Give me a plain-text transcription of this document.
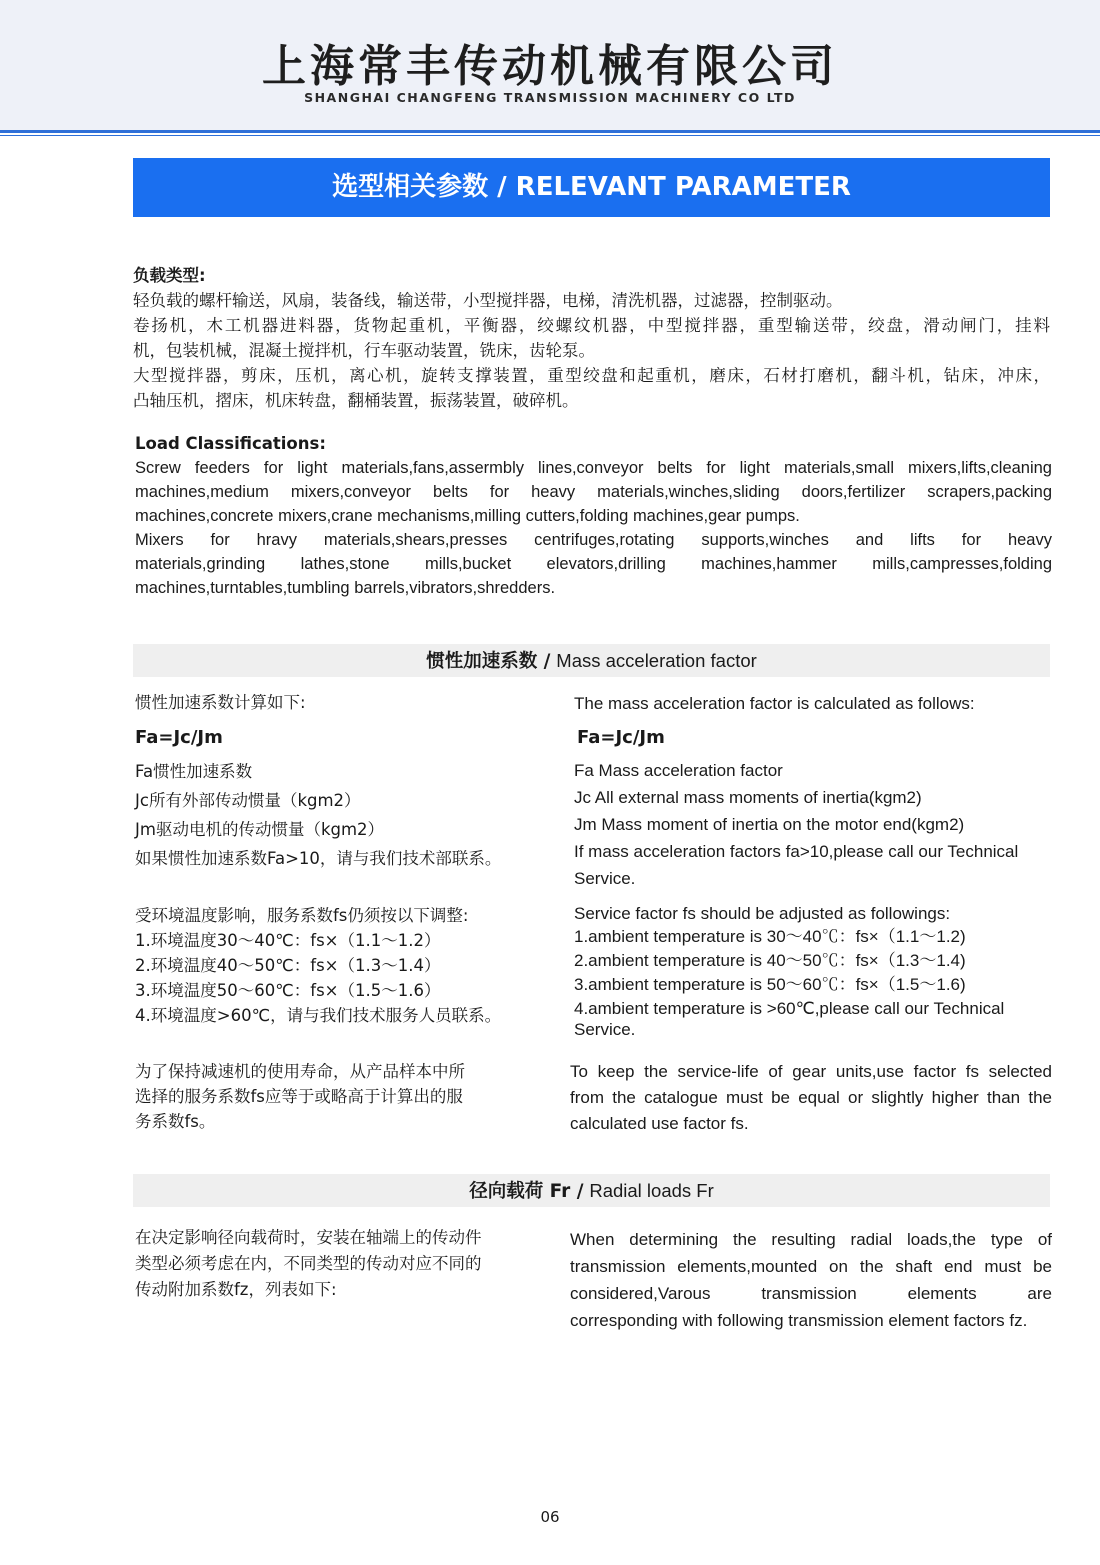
上海常丰传动机械有限公司
SHANGHAI CHANGFENG TRANSMISSION MACHINERY CO LTD
选型相关参数 / RELEVANT PARAMETER

负载类型:

轻负载的螺杆输送，风扇，装备线，输送带，小型搅拌器，电梯，清洗机器，过滤器，控制驱动。

卷扬机，木工机器进料器，货物起重机，平衡器，绞螺纹机器，中型搅拌器，重型输送带，绞盘，滑动闸门，挂料

机，包装机械，混凝土搅拌机，行车驱动装置，铣床，齿轮泵。

大型搅拌器，剪床，压机，离心机，旋转支撑装置，重型绞盘和起重机，磨床，石材打磨机，翻斗机，钻床，冲床，

凸轴压机，摺床，机床转盘，翻桶装置，振荡装置，破碎机。

Load Classifications:

Screw feeders for light materials,fans,assermbly lines,conveyor belts for light materials,small mixers,lifts,cleaning

machines,medium mixers,conveyor belts for heavy materials,winches,sliding doors,fertilizer scrapers,packing

machines,concrete mixers,crane mechanisms,milling cutters,folding machines,gear pumps.

Mixers for hravy materials,shears,presses centrifuges,rotating supports,winches and lifts for heavy

materials,grinding lathes,stone mills,bucket elevators,drilling machines,hammer mills,campresses,folding

machines,turntables,tumbling barrels,vibrators,shredders.

惯性加速系数 / Mass acceleration factor

惯性加速系数计算如下:

Fa=Jc/Jm

Fa惯性加速系数

Jc所有外部传动惯量（kgm2）

Jm驱动电机的传动惯量（kgm2）

如果惯性加速系数Fa>10，请与我们技术部联系。

The mass acceleration factor is calculated as follows:

Fa=Jc/Jm

Fa Mass acceleration factor

Jc All external mass moments of inertia(kgm2)

Jm Mass moment of inertia on the motor end(kgm2)

If mass acceleration factors fa>10,please call our Technical

Service.

受环境温度影响，服务系数fs仍须按以下调整:

1.环境温度30～40℃：fs×（1.1～1.2）

2.环境温度40～50℃：fs×（1.3～1.4）

3.环境温度50～60℃：fs×（1.5～1.6）

4.环境温度>60℃，请与我们技术服务人员联系。

Service factor fs should be adjusted as followings:

1.ambient temperature is 30～40℃：fs×（1.1～1.2)

2.ambient temperature is 40～50℃：fs×（1.3～1.4)

3.ambient temperature is 50～60℃：fs×（1.5～1.6)

4.ambient temperature is >60℃,please call our Technical

Service.

为了保持减速机的使用寿命，从产品样本中所

选择的服务系数fs应等于或略高于计算出的服

务系数fs。

To keep the service-life of gear units,use factor fs selected

from the catalogue must be equal or slightly higher than the

calculated use factor fs.

径向载荷 Fr / Radial loads Fr

在决定影响径向载荷时，安装在轴端上的传动件

类型必须考虑在内，不同类型的传动对应不同的

传动附加系数fz，列表如下:

When determining the resulting radial loads,the type of

transmission elements,mounted on the shaft end must be

considered,Varous transmission elements are

corresponding with following transmission element factors fz.

06
